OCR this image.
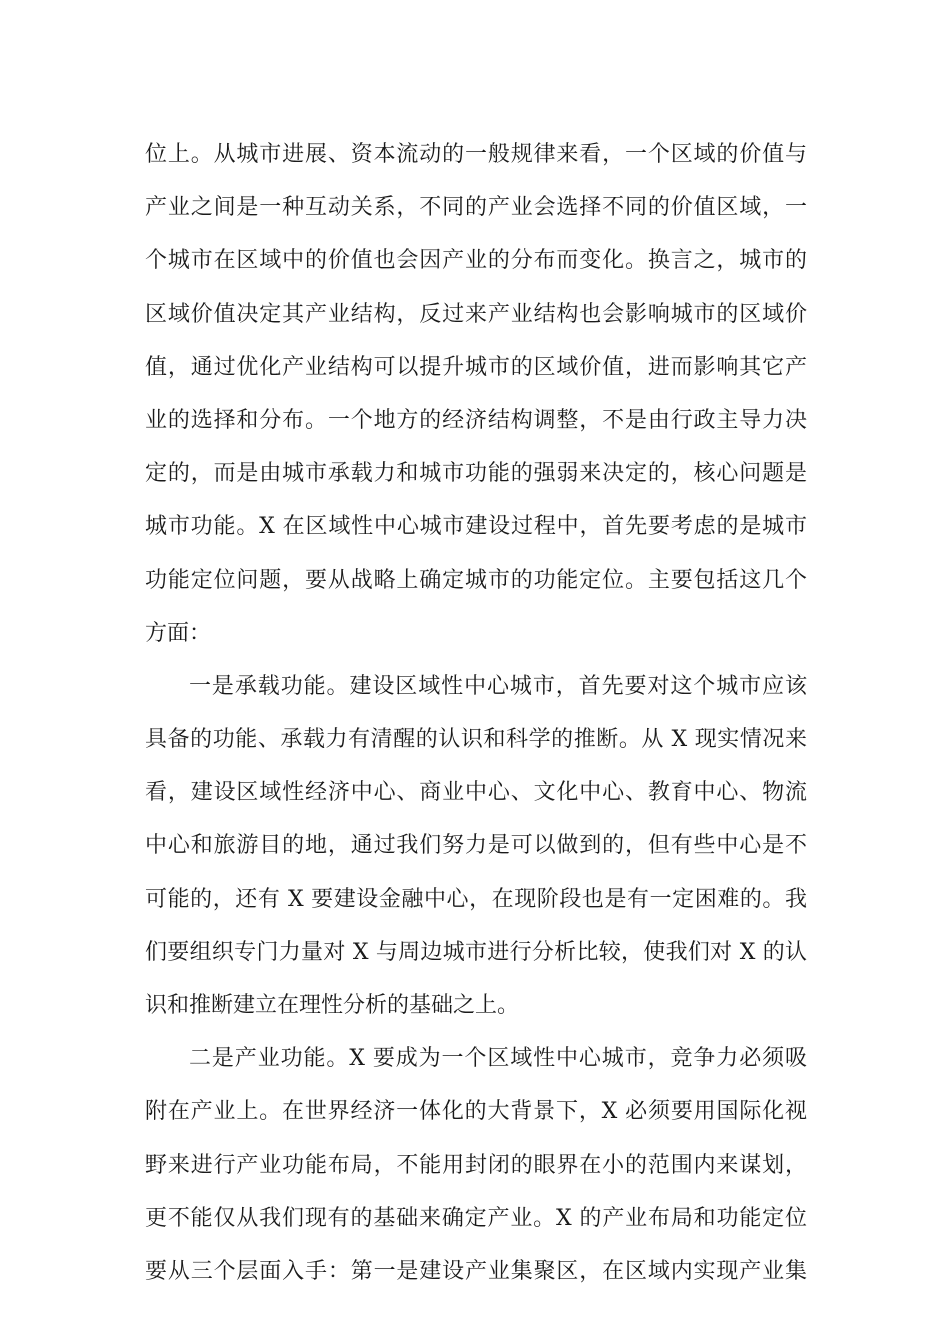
位上。从城市进展、资本流动的一般规律来看，一个区域的价值与
产业之间是一种互动关系，不同的产业会选择不同的价值区域，一
个城市在区域中的价值也会因产业的分布而变化。换言之，城市的
区域价值决定其产业结构，反过来产业结构也会影响城市的区域价
值，通过优化产业结构可以提升城市的区域价值，进而影响其它产
业的选择和分布。一个地方的经济结构调整，不是由行政主导力决
定的，而是由城市承载力和城市功能的强弱来决定的，核心问题是
城市功能。X 在区域性中心城市建设过程中，首先要考虑的是城市
功能定位问题，要从战略上确定城市的功能定位。主要包括这几个
方面：
一是承载功能。建设区域性中心城市，首先要对这个城市应该
具备的功能、承载力有清醒的认识和科学的推断。从 X 现实情况来
看，建设区域性经济中心、商业中心、文化中心、教育中心、物流
中心和旅游目的地，通过我们努力是可以做到的，但有些中心是不
可能的，还有 X 要建设金融中心，在现阶段也是有一定困难的。我
们要组织专门力量对 X 与周边城市进行分析比较，使我们对 X 的认
识和推断建立在理性分析的基础之上。
二是产业功能。X 要成为一个区域性中心城市，竞争力必须吸
附在产业上。在世界经济一体化的大背景下，X 必须要用国际化视
野来进行产业功能布局，不能用封闭的眼界在小的范围内来谋划，
更不能仅从我们现有的基础来确定产业。X 的产业布局和功能定位
要从三个层面入手：第一是建设产业集聚区，在区域内实现产业集
